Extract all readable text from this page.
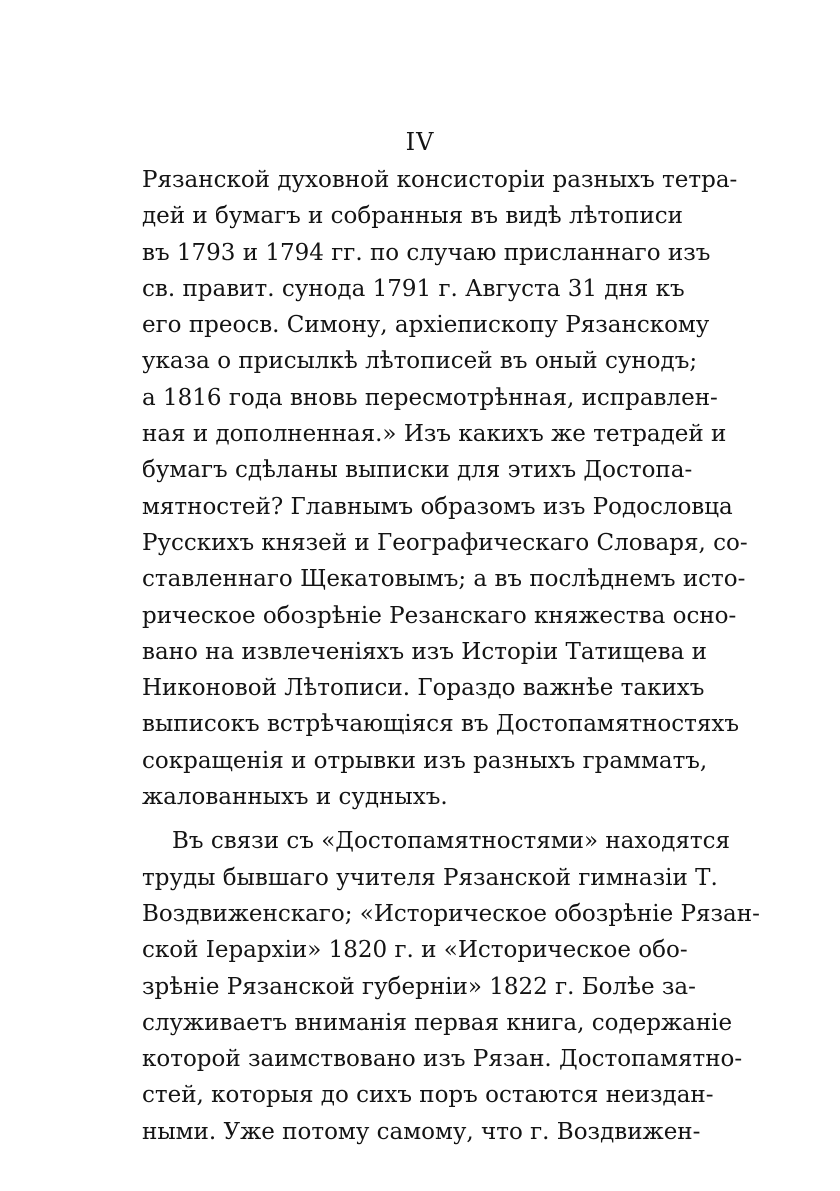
IV
Рязанской духовной консисторіи разныхъ тетра-
дей и бумагъ и собранныя въ видѣ лѣтописи
въ 1793 и 1794 гг. по случаю присланнаго изъ
св. правит. сунода 1791 г. Августа 31 дня къ
его преосв. Симону, архіепископу Рязанскому
указа о присылкѣ лѣтописей въ оный сунодъ;
а 1816 года вновь пересмотрѣнная, исправлен-
ная и дополненная.» Изъ какихъ же тетрадей и
бумагъ сдѣланы выписки для этихъ Достопа-
мятностей? Главнымъ образомъ изъ Родословца
Русскихъ князей и Географическаго Словаря, со-
ставленнаго Щекатовымъ; а въ послѣднемъ исто-
рическое обозрѣніе Резанскаго княжества осно-
вано на извлеченіяхъ изъ Исторіи Татищева и
Никоновой Лѣтописи. Гораздо важнѣе такихъ
выписокъ встрѣчающіяся въ Достопамятностяхъ
сокращенія и отрывки изъ разныхъ грамматъ,
жалованныхъ и судныхъ.
Въ связи съ «Достопамятностями» находятся
труды бывшаго учителя Рязанской гимназіи Т.
Воздвиженскаго; «Историческое обозрѣніе Рязан-
ской Іерархіи» 1820 г. и «Историческое обо-
зрѣніе Рязанской губерніи» 1822 г. Болѣе за-
служиваетъ вниманія первая книга, содержаніе
которой заимствовано изъ Рязан. Достопамятно-
стей, которыя до сихъ поръ остаются неиздан-
ными. Уже потому самому, что г. Воздвижен-
